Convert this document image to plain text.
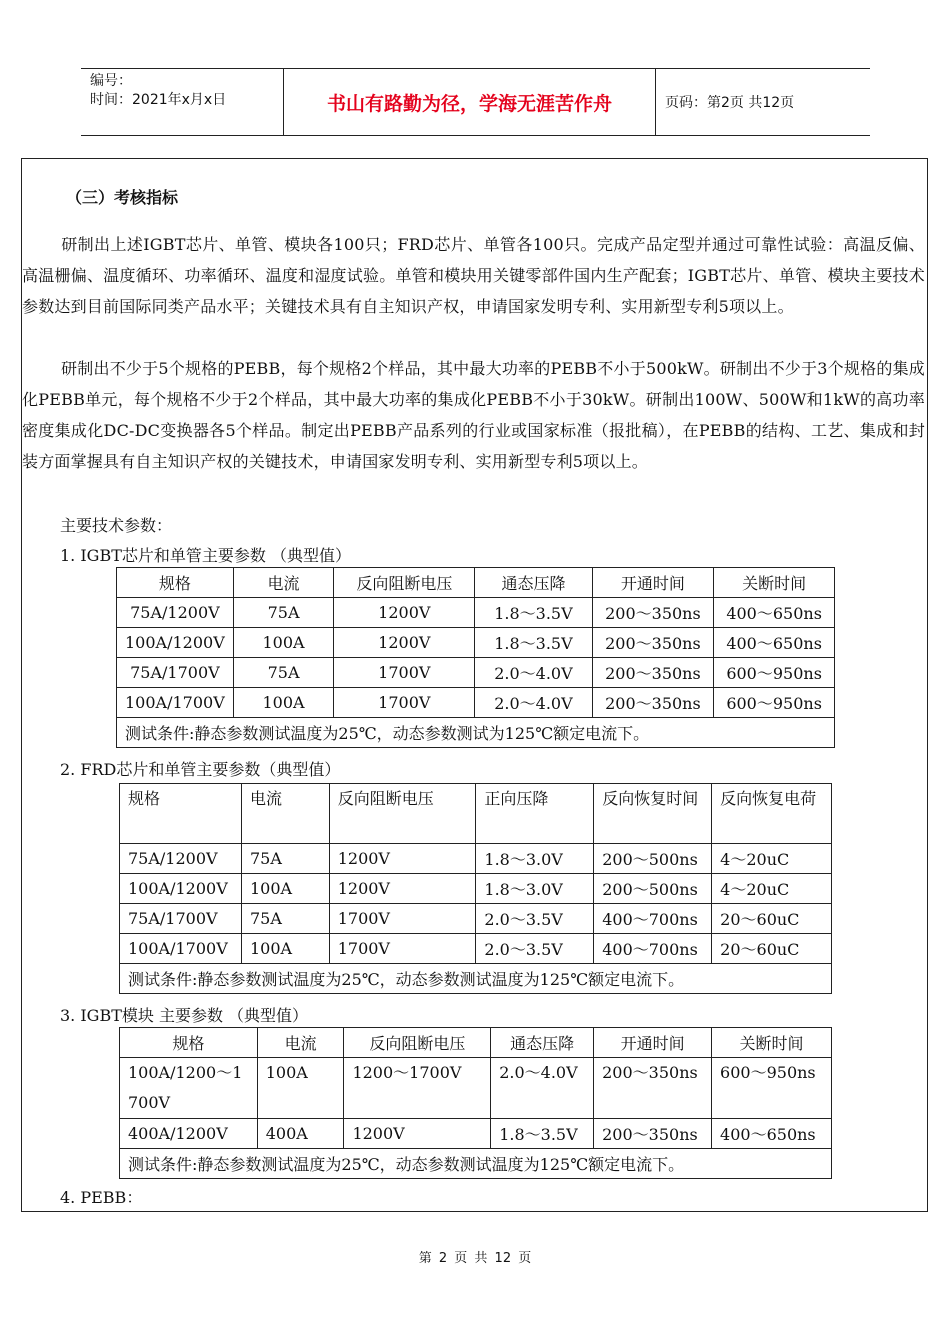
编号：
时间：2021年x月x日	书山有路勤为径，学海无涯苦作舟	页码：第2页 共12页
（三）考核指标
研制出上述IGBT芯片、单管、模块各100只；FRD芯片、单管各100只。完成产品定型并通过可靠性试验：高温反偏、高温栅偏、温度循环、功率循环、温度和湿度试验。单管和模块用关键零部件国内生产配套；IGBT芯片、单管、模块主要技术参数达到目前国际同类产品水平；关键技术具有自主知识产权，申请国家发明专利、实用新型专利5项以上。
研制出不少于5个规格的PEBB，每个规格2个样品，其中最大功率的PEBB不小于500kW。研制出不少于3个规格的集成化PEBB单元，每个规格不少于2个样品，其中最大功率的集成化PEBB不小于30kW。研制出100W、500W和1kW的高功率密度集成化DC-DC变换器各5个样品。制定出PEBB产品系列的行业或国家标准（报批稿），在PEBB的结构、工艺、集成和封装方面掌握具有自主知识产权的关键技术，申请国家发明专利、实用新型专利5项以上。
主要技术参数：
1. IGBT芯片和单管主要参数 （典型值）
规格	电流	反向阻断电压	通态压降	开通时间	关断时间
75A/1200V	75A	1200V	1.8～3.5V	200～350ns	400～650ns
100A/1200V	100A	1200V	1.8～3.5V	200～350ns	400～650ns
75A/1700V	75A	1700V	2.0～4.0V	200～350ns	600～950ns
100A/1700V	100A	1700V	2.0～4.0V	200～350ns	600～950ns
测试条件:静态参数测试温度为25℃，动态参数测试为125℃额定电流下。					
2. FRD芯片和单管主要参数（典型值）
规格	电流	反向阻断电压	正向压降	反向恢复时间	反向恢复电荷
75A/1200V	75A	1200V	1.8～3.0V	200～500ns	4～20uC
100A/1200V	100A	1200V	1.8～3.0V	200～500ns	4～20uC
75A/1700V	75A	1700V	2.0～3.5V	400～700ns	20～60uC
100A/1700V	100A	1700V	2.0～3.5V	400～700ns	20～60uC
测试条件:静态参数测试温度为25℃，动态参数测试温度为125℃额定电流下。					
3. IGBT模块 主要参数 （典型值）
规格	电流	反向阻断电压	通态压降	开通时间	关断时间
100A/1200～1700V	100A	1200～1700V	2.0～4.0V	200～350ns	600～950ns
400A/1200V	400A	1200V	1.8～3.5V	200～350ns	400～650ns
测试条件:静态参数测试温度为25℃，动态参数测试温度为125℃额定电流下。					
4. PEBB：
第 2 页 共 12 页
